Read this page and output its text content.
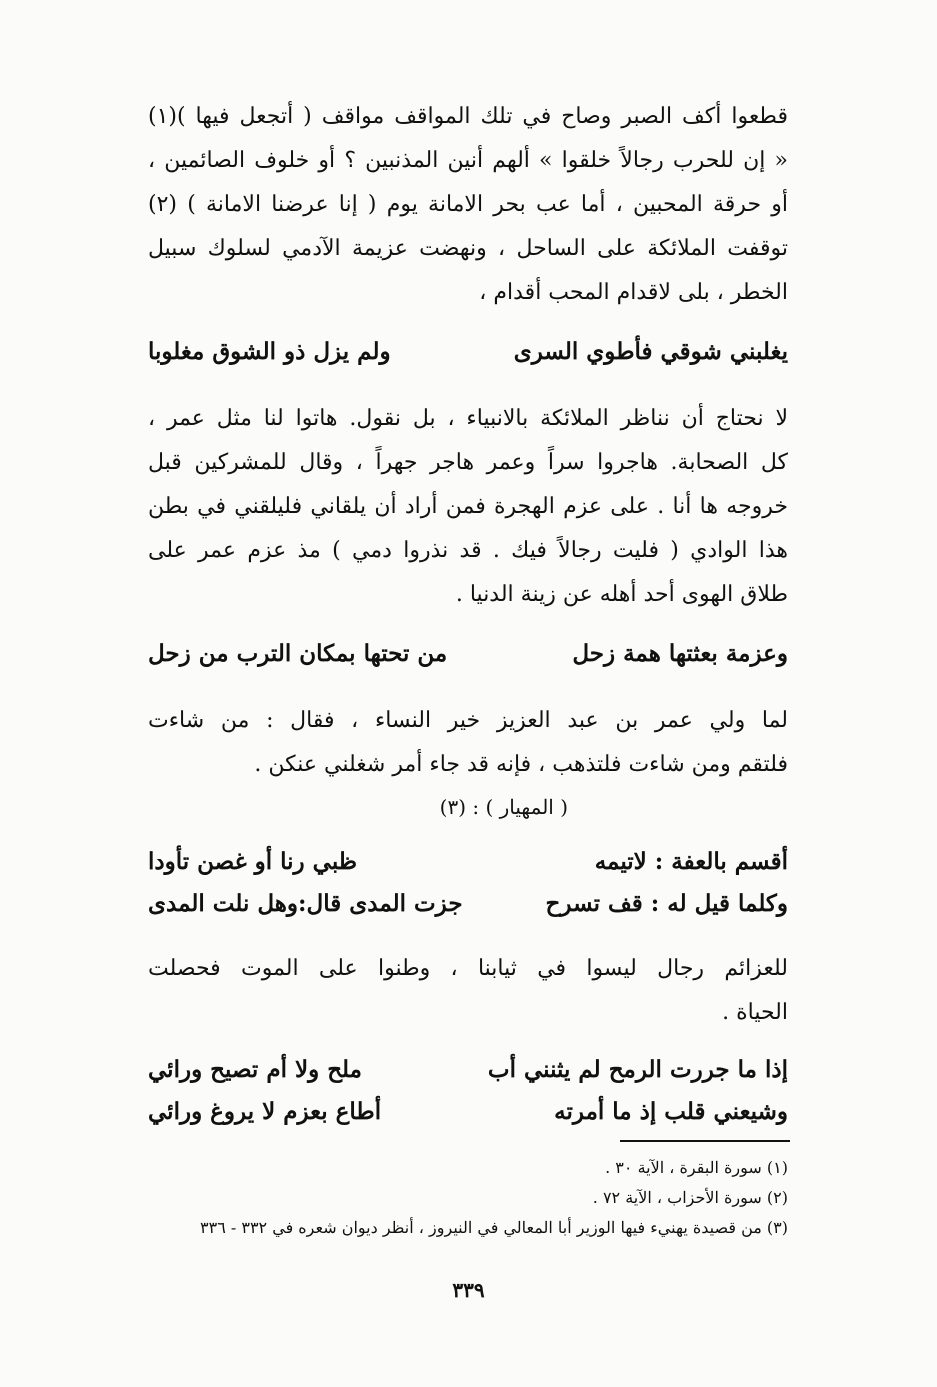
قطعوا أكف الصبر وصاح في تلك المواقف مواقف ( أتجعل فيها )(١)
« إن للحرب رجالاً خلقوا » ألهم أنين المذنبين ؟ أو خلوف الصائمين ،
أو حرقة المحبين ، أما عب بحر الامانة يوم ( إنا عرضنا الامانة ) (٢)
توقفت الملائكة على الساحل ، ونهضت عزيمة الآدمي لسلوك سبيل
الخطر ، بلى لاقدام المحب أقدام ،
يغلبني شوقي فأطوي السرى
ولم يزل ذو الشوق مغلوبا
لا نحتاج أن نناظر الملائكة بالانبياء ، بل نقول. هاتوا لنا مثل عمر ،
كل الصحابة. هاجروا سراً وعمر هاجر جهراً ، وقال للمشركين قبل
خروجه ها أنا . على عزم الهجرة فمن أراد أن يلقاني فليلقني في بطن
هذا الوادي ( فليت رجالاً فيك . قد نذروا دمي ) مذ عزم عمر على
طلاق الهوى أحد أهله عن زينة الدنيا .
وعزمة بعثتها همة زحل
من تحتها بمكان الترب من زحل
لما ولي عمر بن عبد العزيز خير النساء ، فقال : من شاءت
فلتقم ومن شاءت فلتذهب ، فإنه قد جاء أمر شغلني عنكن .
( المهيار ) : (٣)
أقسم بالعفة : لاتيمه
ظبي رنا أو غصن تأودا
وكلما قيل له : قف تسرح
جزت المدى قال:وهل نلت المدى
للعزائم رجال ليسوا في ثيابنا ، وطنوا على الموت فحصلت
الحياة .
إذا ما جررت الرمح لم يثنني أب
ملح ولا أم تصيح ورائي
وشيعني قلب إذ ما أمرته
أطاع بعزم لا يروغ ورائي
(١) سورة البقرة ، الآية ٣٠ .
(٢) سورة الأحزاب ، الآية ٧٢ .
(٣) من قصيدة يهنيء فيها الوزير أبا المعالي في النيروز ، أنظر ديوان شعره في ٣٣٢ - ٣٣٦
٣٣٩
